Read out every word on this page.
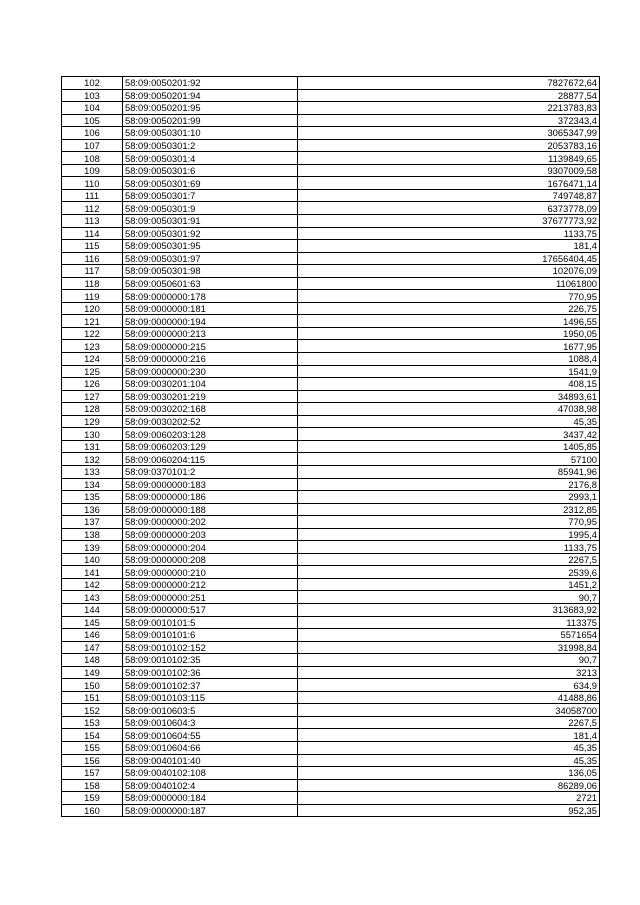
102	58:09:0050201:92	7827672,64
103	58:09:0050201:94	28877,54
104	58:09:0050201:95	2213783,83
105	58:09:0050201:99	372343,4
106	58:09:0050301:10	3065347,99
107	58:09:0050301:2	2053783,16
108	58:09:0050301:4	1139849,65
109	58:09:0050301:6	9307009,58
110	58:09:0050301:69	1676471,14
111	58:09:0050301:7	749748,87
112	58:09:0050301:9	6373778,09
113	58:09:0050301:91	37677773,92
114	58:09:0050301:92	1133,75
115	58:09:0050301:95	181,4
116	58:09:0050301:97	17656404,45
117	58:09:0050301:98	102076,09
118	58:09:0050601:63	11061800
119	58:09:0000000:178	770,95
120	58:09:0000000:181	226,75
121	58:09:0000000:194	1496,55
122	58:09:0000000:213	1950,05
123	58:09:0000000:215	1677,95
124	58:09:0000000:216	1088,4
125	58:09:0000000:230	1541,9
126	58:09:0030201:104	408,15
127	58:09:0030201:219	34893,61
128	58:09:0030202:168	47038,98
129	58:09:0030202:52	45,35
130	58:09:0060203:128	3437,42
131	58:09:0060203:129	1405,85
132	58:09:0060204:115	57100
133	58:09:0370101:2	85941,96
134	58:09:0000000:183	2176,8
135	58:09:0000000:186	2993,1
136	58:09:0000000:188	2312,85
137	58:09:0000000:202	770,95
138	58:09:0000000:203	1995,4
139	58:09:0000000:204	1133,75
140	58:09:0000000:208	2267,5
141	58:09:0000000:210	2539,6
142	58:09:0000000:212	1451,2
143	58:09:0000000:251	90,7
144	58:09:0000000:517	313683,92
145	58:09:0010101:5	113375
146	58:09:0010101:6	5571654
147	58:09:0010102:152	31998,84
148	58:09:0010102:35	90,7
149	58:09:0010102:36	3213
150	58:09:0010102:37	634,9
151	58:09:0010103:115	41488,86
152	58:09:0010603:5	34058700
153	58:09:0010604:3	2267,5
154	58:09:0010604:55	181,4
155	58:09:0010604:66	45,35
156	58:09:0040101:40	45,35
157	58:09:0040102:108	136,05
158	58:09:0040102:4	86289,06
159	58:09:0000000:184	2721
160	58:09:0000000:187	952,35
